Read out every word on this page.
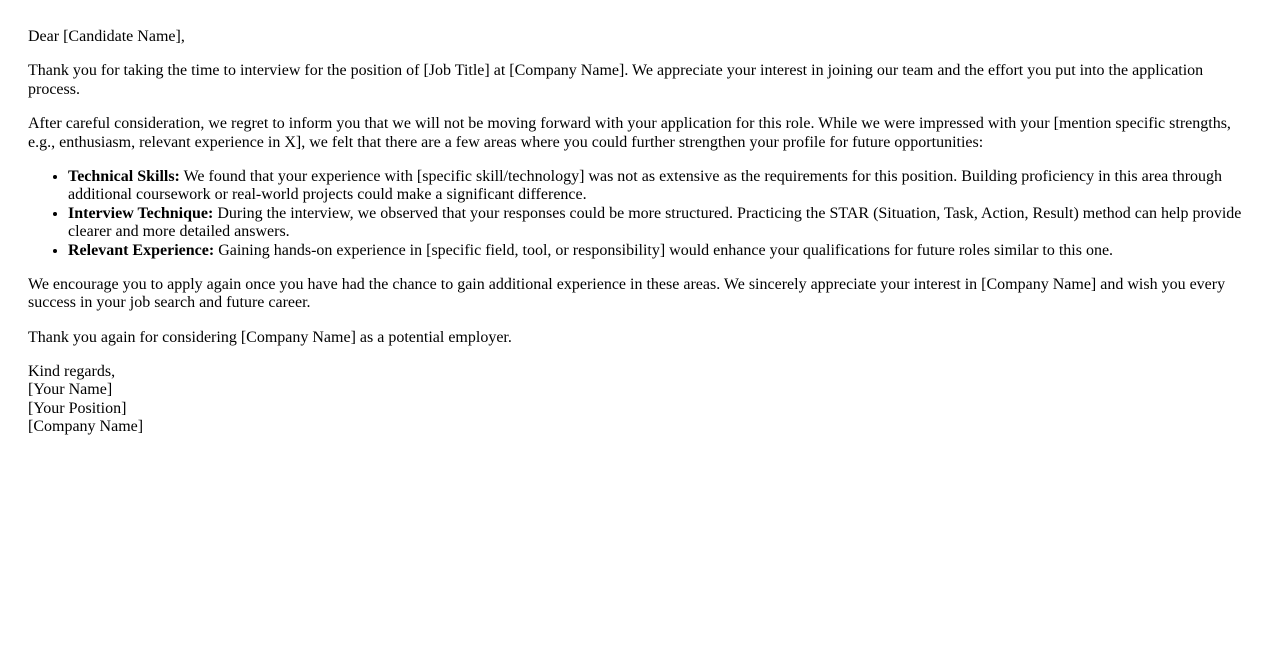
Dear [Candidate Name],

Thank you for taking the time to interview for the position of [Job Title] at [Company Name]. We appreciate your interest in joining our team and the effort you put into the application process.

After careful consideration, we regret to inform you that we will not be moving forward with your application for this role. While we were impressed with your [mention specific strengths, e.g., enthusiasm, relevant experience in X], we felt that there are a few areas where you could further strengthen your profile for future opportunities:

• Technical Skills: We found that your experience with [specific skill/technology] was not as extensive as the requirements for this position. Building proficiency in this area through additional coursework or real-world projects could make a significant difference.
• Interview Technique: During the interview, we observed that your responses could be more structured. Practicing the STAR (Situation, Task, Action, Result) method can help provide clearer and more detailed answers.
• Relevant Experience: Gaining hands-on experience in [specific field, tool, or responsibility] would enhance your qualifications for future roles similar to this one.

We encourage you to apply again once you have had the chance to gain additional experience in these areas. We sincerely appreciate your interest in [Company Name] and wish you every success in your job search and future career.

Thank you again for considering [Company Name] as a potential employer.

Kind regards,
[Your Name]
[Your Position]
[Company Name]
